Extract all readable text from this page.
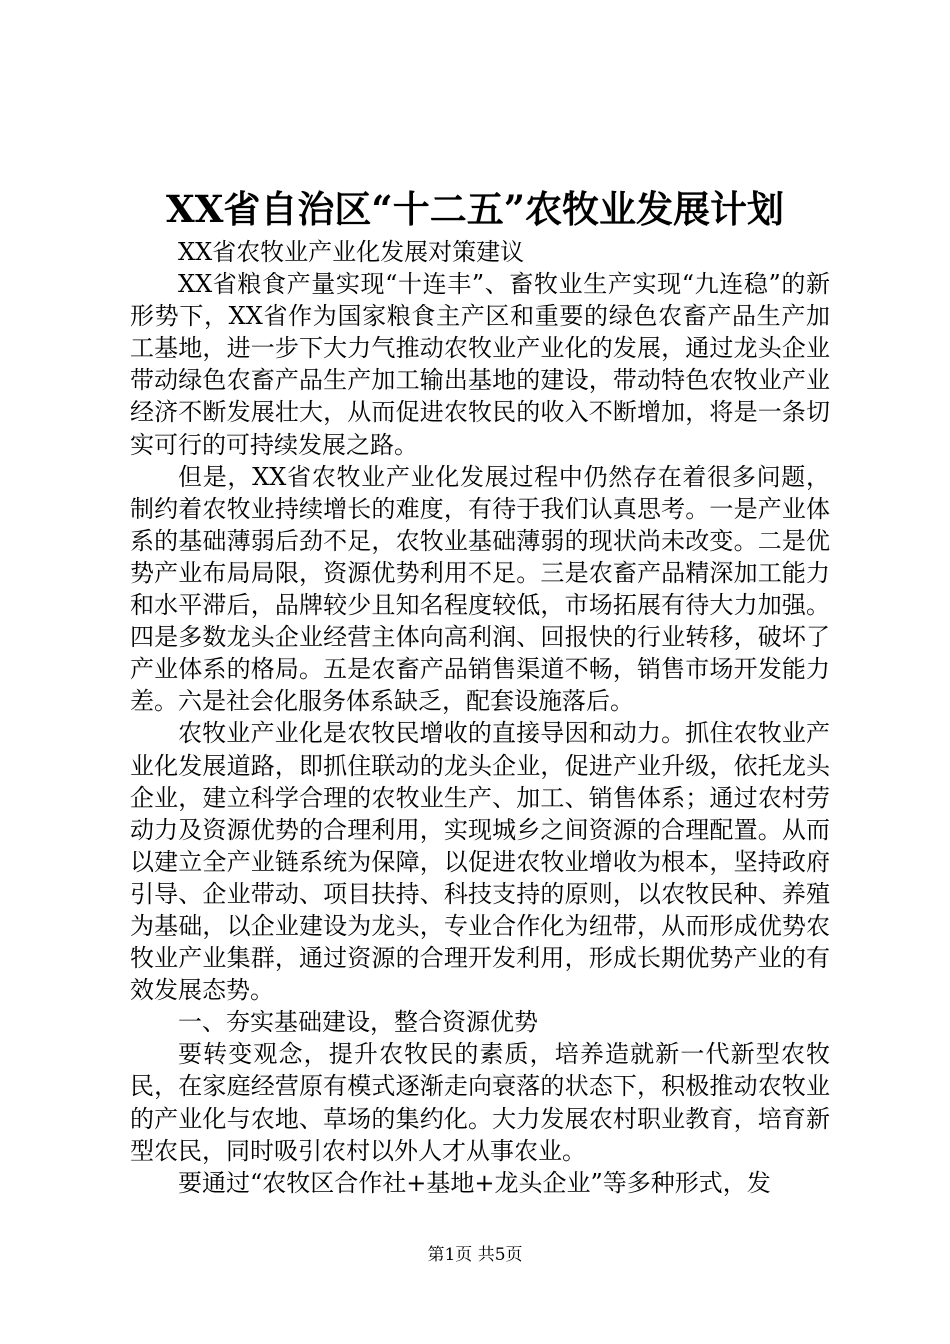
XX省自治区“十二五”农牧业发展计划

XX省农牧业产业化发展对策建议

XX省粮食产量实现“十连丰”、畜牧业生产实现“九连稳”的新形势下，XX省作为国家粮食主产区和重要的绿色农畜产品生产加工基地，进一步下大力气推动农牧业产业化的发展，通过龙头企业带动绿色农畜产品生产加工输出基地的建设，带动特色农牧业产业经济不断发展壮大，从而促进农牧民的收入不断增加，将是一条切实可行的可持续发展之路。

但是，XX省农牧业产业化发展过程中仍然存在着很多问题，制约着农牧业持续增长的难度，有待于我们认真思考。一是产业体系的基础薄弱后劲不足，农牧业基础薄弱的现状尚未改变。二是优势产业布局局限，资源优势利用不足。三是农畜产品精深加工能力和水平滞后，品牌较少且知名程度较低，市场拓展有待大力加强。四是多数龙头企业经营主体向高利润、回报快的行业转移，破坏了产业体系的格局。五是农畜产品销售渠道不畅，销售市场开发能力差。六是社会化服务体系缺乏，配套设施落后。

农牧业产业化是农牧民增收的直接导因和动力。抓住农牧业产业化发展道路，即抓住联动的龙头企业，促进产业升级，依托龙头企业，建立科学合理的农牧业生产、加工、销售体系；通过农村劳动力及资源优势的合理利用，实现城乡之间资源的合理配置。从而以建立全产业链系统为保障，以促进农牧业增收为根本，坚持政府引导、企业带动、项目扶持、科技支持的原则，以农牧民种、养殖为基础，以企业建设为龙头，专业合作化为纽带，从而形成优势农牧业产业集群，通过资源的合理开发利用，形成长期优势产业的有效发展态势。

一、夯实基础建设，整合资源优势

要转变观念，提升农牧民的素质，培养造就新一代新型农牧民，在家庭经营原有模式逐渐走向衰落的状态下，积极推动农牧业的产业化与农地、草场的集约化。大力发展农村职业教育，培育新型农民，同时吸引农村以外人才从事农业。

要通过“农牧区合作社+基地+龙头企业”等多种形式，发

第1页 共5页
